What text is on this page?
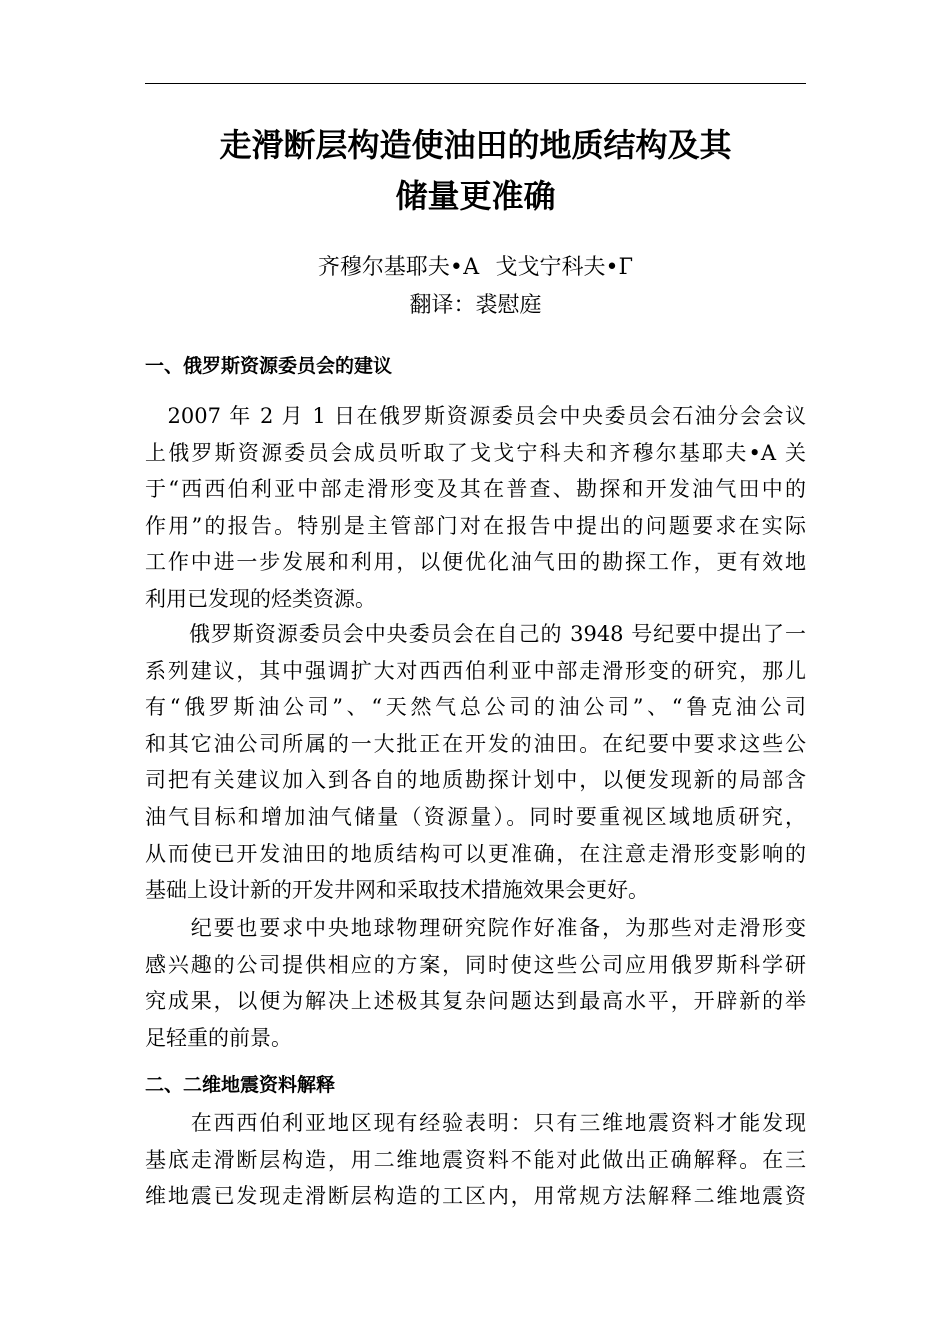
走滑断层构造使油田的地质结构及其
储量更准确
齐穆尔基耶夫•А 戈戈宁科夫•Г
翻译：裘慰庭
一、俄罗斯资源委员会的建议

　2007 年 2 月 1 日在俄罗斯资源委员会中央委员会石油分会会议
上俄罗斯资源委员会成员听取了戈戈宁科夫和齐穆尔基耶夫•A 关
于“西西伯利亚中部走滑形变及其在普查、勘探和开发油气田中的
作用”的报告。特别是主管部门对在报告中提出的问题要求在实际
工作中进一步发展和利用，以便优化油气田的勘探工作，更有效地
利用已发现的烃类资源。

　　俄罗斯资源委员会中央委员会在自己的 3948 号纪要中提出了一
系列建议，其中强调扩大对西西伯利亚中部走滑形变的研究，那儿
有“俄罗斯油公司”、“天然气总公司的油公司”、“鲁克油公司
和其它油公司所属的一大批正在开发的油田。在纪要中要求这些公
司把有关建议加入到各自的地质勘探计划中，以便发现新的局部含
油气目标和增加油气储量（资源量）。同时要重视区域地质研究，
从而使已开发油田的地质结构可以更准确，在注意走滑形变影响的
基础上设计新的开发井网和采取技术措施效果会更好。

　　纪要也要求中央地球物理研究院作好准备，为那些对走滑形变
感兴趣的公司提供相应的方案，同时使这些公司应用俄罗斯科学研
究成果，以便为解决上述极其复杂问题达到最高水平，开辟新的举
足轻重的前景。

二、二维地震资料解释

　　在西西伯利亚地区现有经验表明：只有三维地震资料才能发现
基底走滑断层构造，用二维地震资料不能对此做出正确解释。在三
维地震已发现走滑断层构造的工区内，用常规方法解释二维地震资
